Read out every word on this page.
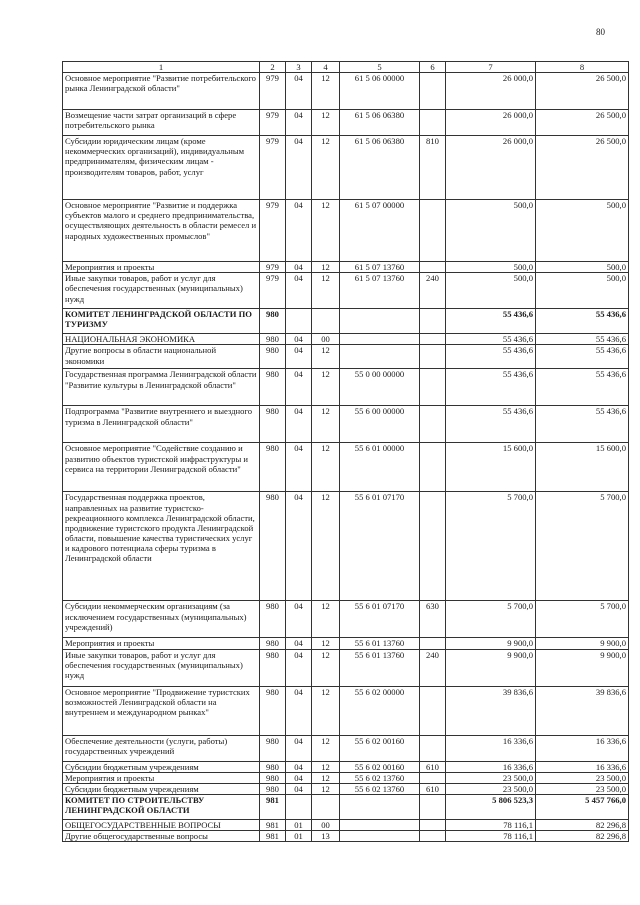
80
1	2	3	4	5	6	7	8
Основное мероприятие "Развитие потребительского рынка Ленинградской области"	979	04	12	61 5 06 00000		26 000,0	26 500,0
Возмещение части затрат организаций в сфере потребительского рынка	979	04	12	61 5 06 06380		26 000,0	26 500,0
Субсидии юридическим лицам (кроме некоммерческих организаций), индивидуальным предпринимателям, физическим лицам - производителям товаров, работ, услуг	979	04	12	61 5 06 06380	810	26 000,0	26 500,0
Основное мероприятие "Развитие и поддержка субъектов малого и среднего предпринимательства, осуществляющих деятельность в области ремесел и народных художественных промыслов"	979	04	12	61 5 07 00000		500,0	500,0
Мероприятия и проекты	979	04	12	61 5 07 13760		500,0	500,0
Иные закупки товаров, работ и услуг для обеспечения государственных (муниципальных) нужд	979	04	12	61 5 07 13760	240	500,0	500,0
КОМИТЕТ ЛЕНИНГРАДСКОЙ ОБЛАСТИ ПО ТУРИЗМУ	980					55 436,6	55 436,6
НАЦИОНАЛЬНАЯ ЭКОНОМИКА	980	04	00			55 436,6	55 436,6
Другие вопросы в области национальной экономики	980	04	12			55 436,6	55 436,6
Государственная программа Ленинградской области "Развитие культуры в Ленинградской области"	980	04	12	55 0 00 00000		55 436,6	55 436,6
Подпрограмма "Развитие внутреннего и выездного туризма в Ленинградской области"	980	04	12	55 6 00 00000		55 436,6	55 436,6
Основное мероприятие "Содействие созданию и развитию объектов туристской инфраструктуры и сервиса на территории Ленинградской области"	980	04	12	55 6 01 00000		15 600,0	15 600,0
Государственная поддержка проектов, направленных на развитие туристско-рекреационного комплекса Ленинградской области, продвижение туристского продукта Ленинградской области, повышение качества туристических услуг и кадрового потенциала сферы туризма в Ленинградской области	980	04	12	55 6 01 07170		5 700,0	5 700,0
Субсидии некоммерческим организациям (за исключением государственных (муниципальных) учреждений)	980	04	12	55 6 01 07170	630	5 700,0	5 700,0
Мероприятия и проекты	980	04	12	55 6 01 13760		9 900,0	9 900,0
Иные закупки товаров, работ и услуг для обеспечения государственных (муниципальных) нужд	980	04	12	55 6 01 13760	240	9 900,0	9 900,0
Основное мероприятие "Продвижение туристских возможностей Ленинградской области на внутреннем и международном рынках"	980	04	12	55 6 02 00000		39 836,6	39 836,6
Обеспечение деятельности (услуги, работы) государственных учреждений	980	04	12	55 6 02 00160		16 336,6	16 336,6
Субсидии бюджетным учреждениям	980	04	12	55 6 02 00160	610	16 336,6	16 336,6
Мероприятия и проекты	980	04	12	55 6 02 13760		23 500,0	23 500,0
Субсидии бюджетным учреждениям	980	04	12	55 6 02 13760	610	23 500,0	23 500,0
КОМИТЕТ ПО СТРОИТЕЛЬСТВУ ЛЕНИНГРАДСКОЙ ОБЛАСТИ	981					5 806 523,3	5 457 766,0
ОБЩЕГОСУДАРСТВЕННЫЕ ВОПРОСЫ	981	01	00			78 116,1	82 296,8
Другие общегосударственные вопросы	981	01	13			78 116,1	82 296,8
